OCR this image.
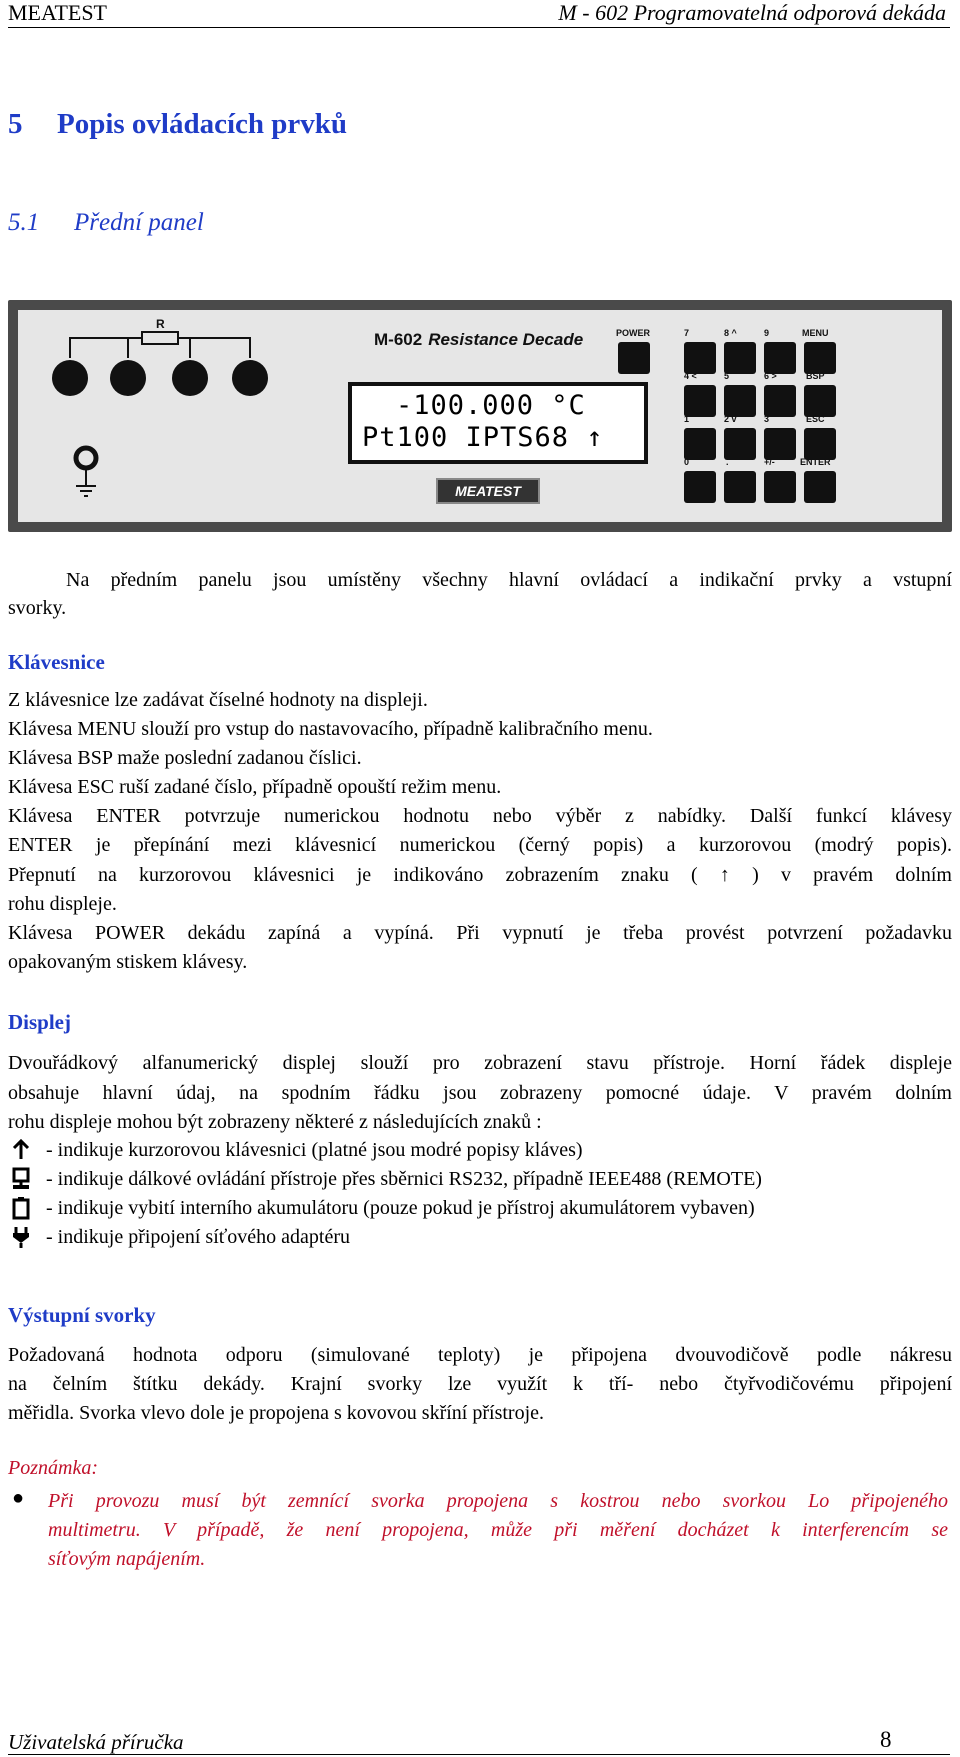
MEATEST	M - 602 Programovatelná odporová dekáda
5 Popis ovládacích prvků
5.1 Přední panel
R
M-602 Resistance Decade
-100.000 °C
Pt100 IPTS68 ↑
MEATEST
POWER	7	8 ^	9	MENU
4 <	5	6 >	BSP
1	2 v	3	ESC
0	.	+/-	ENTER
Na předním panelu jsou umístěny všechny hlavní ovládací a indikační prvky a vstupní
svorky.
Klávesnice
Z klávesnice lze zadávat číselné hodnoty na displeji.
Klávesa MENU slouží pro vstup do nastavovacího, případně kalibračního menu.
Klávesa BSP maže poslední zadanou číslici.
Klávesa ESC ruší zadané číslo, případně opouští režim menu.
Klávesa ENTER potvrzuje numerickou hodnotu nebo výběr z nabídky. Další funkcí klávesy
ENTER je přepínání mezi klávesnicí numerickou (černý popis) a kurzorovou (modrý popis).
Přepnutí na kurzorovou klávesnici je indikováno zobrazením znaku ( ↑ ) v pravém dolním
rohu displeje.
Klávesa POWER dekádu zapíná a vypíná. Při vypnutí je třeba provést potvrzení požadavku
opakovaným stiskem klávesy.
Displej
Dvouřádkový alfanumerický displej slouží pro zobrazení stavu přístroje. Horní řádek displeje
obsahuje hlavní údaj, na spodním řádku jsou zobrazeny pomocné údaje. V pravém dolním
rohu displeje mohou být zobrazeny některé z následujících znaků :
- indikuje kurzorovou klávesnici (platné jsou modré popisy kláves)
- indikuje dálkové ovládání přístroje přes sběrnici RS232, případně IEEE488 (REMOTE)
- indikuje vybití interního akumulátoru (pouze pokud je přístroj akumulátorem vybaven)
- indikuje připojení síťového adaptéru
Výstupní svorky
Požadovaná hodnota odporu (simulované teploty) je připojena dvouvodičově podle nákresu
na čelním štítku dekády. Krajní svorky lze využít k tří- nebo čtyřvodičovému připojení
měřidla. Svorka vlevo dole je propojena s kovovou skříní přístroje.
Poznámka:
● Při provozu musí být zemnící svorka propojena s kostrou nebo svorkou Lo připojeného
multimetru. V případě, že není propojena, může při měření docházet k interferencím se
síťovým napájením.
Uživatelská příručka	8
